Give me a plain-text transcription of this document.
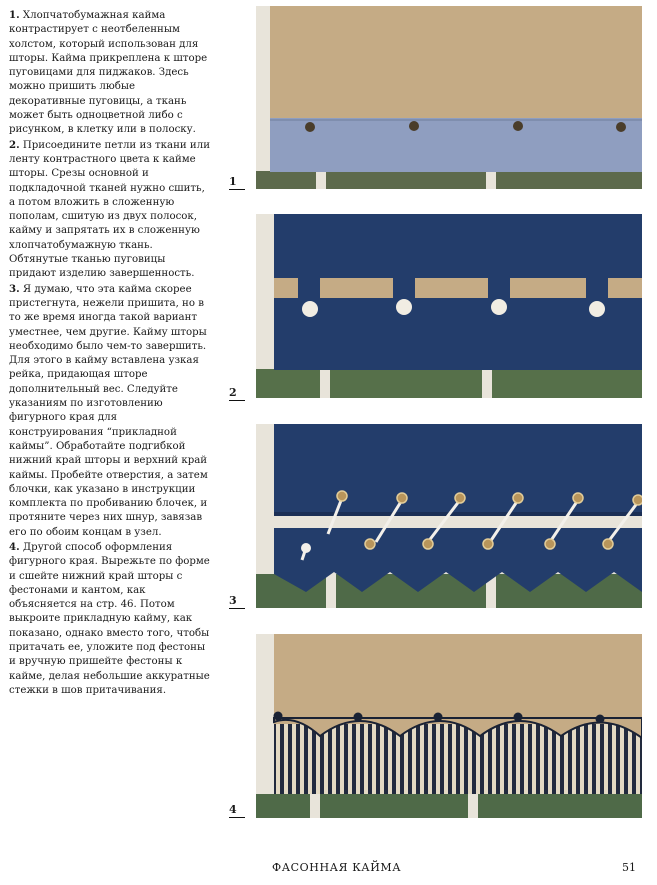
1. Хлопчатобумажная кайма контрастирует с неотбеленным холстом, который использован для шторы. Кайма прикреплена к шторе пуговицами для пиджаков. Здесь можно пришить любые декоративные пуговицы, а ткань может быть одноцветной либо с рисунком, в клетку или в полоску.

2. Присоедините петли из ткани или ленту контрастного цвета к кайме шторы. Срезы основной и подкладочной тканей нужно сшить, а потом вложить в сложенную пополам, сшитую из двух полосок, кайму и запрятать их в сложенную хлопчатобумажную ткань. Обтянутые тканью пуговицы придают изделию завершенность.

3. Я думаю, что эта кайма скорее пристегнута, нежели пришита, но в то же время иногда такой вариант уместнее, чем другие. Кайму шторы необходимо было чем-то завершить. Для этого в кайму вставлена узкая рейка, придающая шторе дополнительный вес. Следуйте указаниям по изготовлению фигурного края для конструирования “прикладной каймы”. Обработайте подгибкой нижний край шторы и верхний край каймы. Пробейте отверстия, а затем блочки, как указано в инструкции комплекта по пробиванию блочек, и протяните через них шнур, завязав его по обоим концам в узел.

4. Другой способ оформления фигурного края. Вырежьте по форме и сшейте нижний край шторы с фестонами и кантом, как объясняется на стр. 46. Потом выкроите прикладную кайму, как показано, однако вместо того, чтобы притачать ее, уложите под фестоны и вручную пришейте фестоны к кайме, делая небольшие аккуратные стежки в шов притачивания.

1
2
3
4
ФАСОННАЯ КАЙМА	51
